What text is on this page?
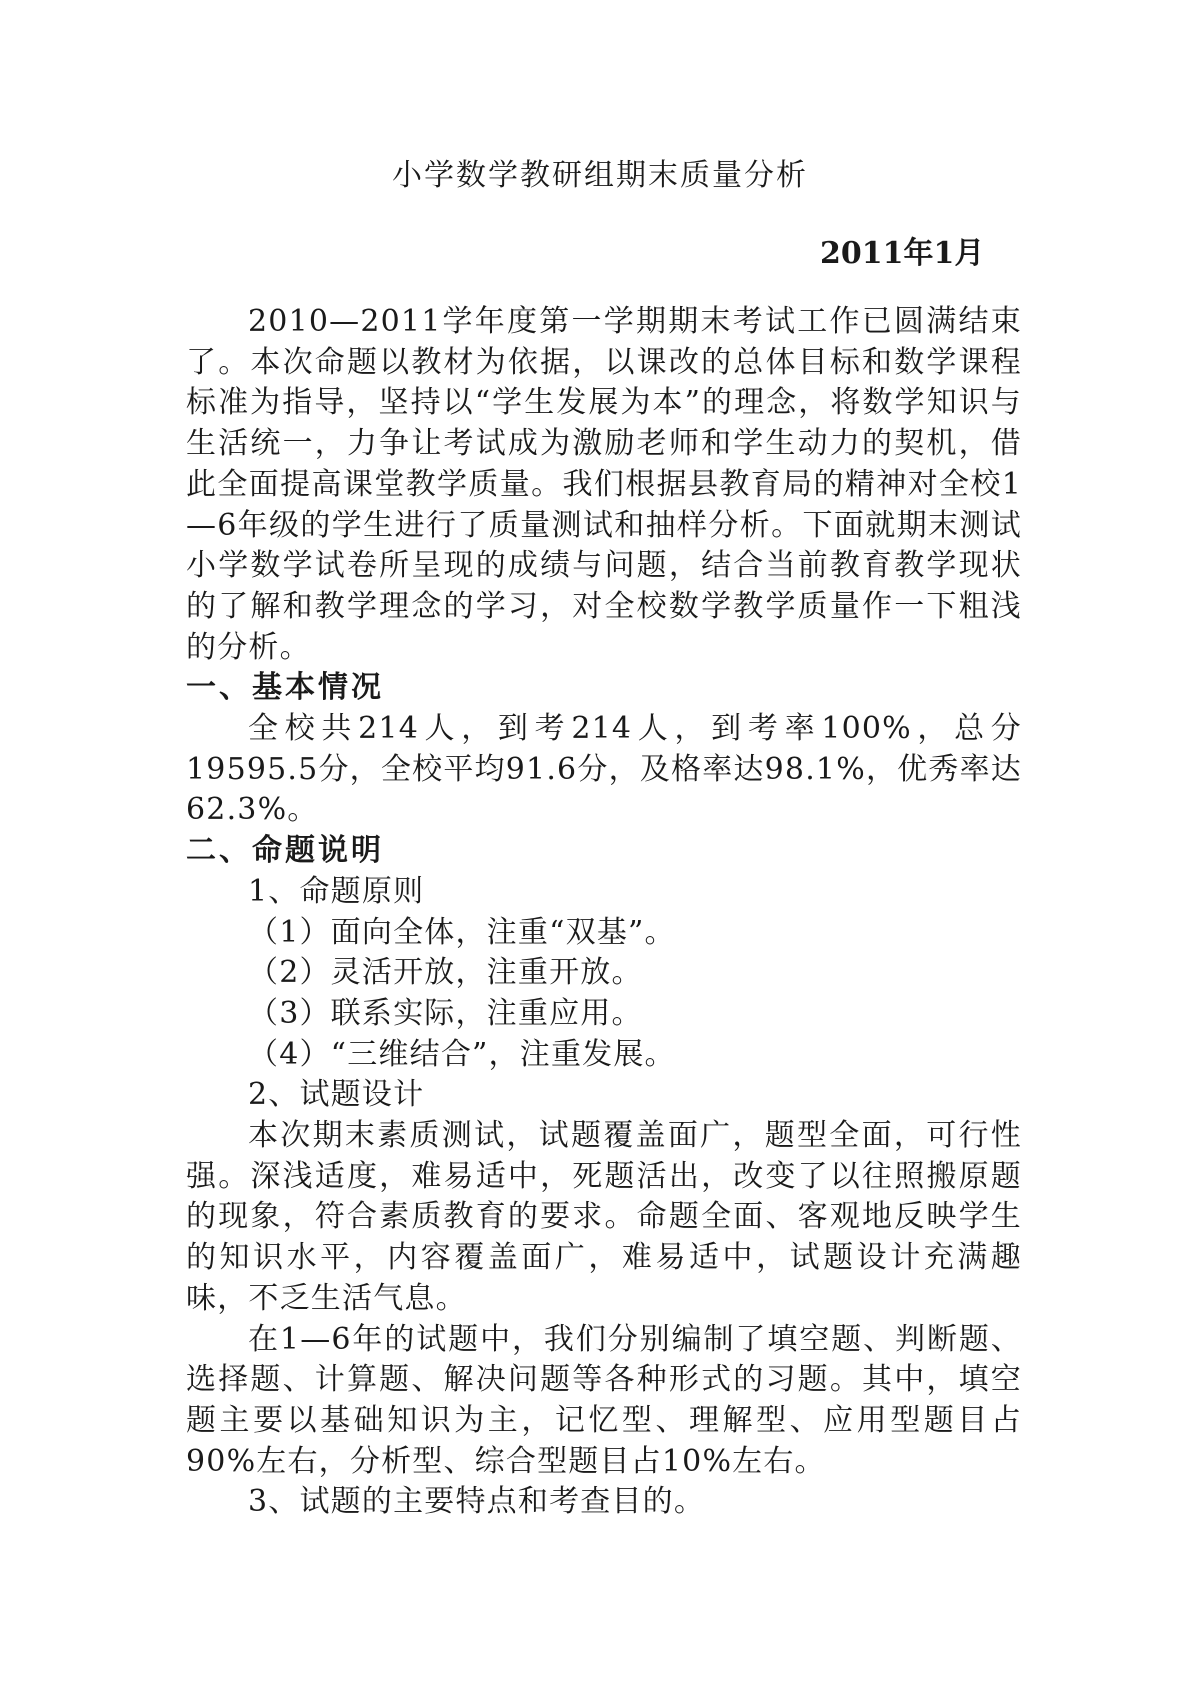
小学数学教研组期末质量分析
2011年1月

2010—2011学年度第一学期期末考试工作已圆满结束了。本次命题以教材为依据，以课改的总体目标和数学课程标准为指导，坚持以“学生发展为本”的理念，将数学知识与生活统一，力争让考试成为激励老师和学生动力的契机，借此全面提高课堂教学质量。我们根据县教育局的精神对全校1—6年级的学生进行了质量测试和抽样分析。下面就期末测试小学数学试卷所呈现的成绩与问题，结合当前教育教学现状的了解和教学理念的学习，对全校数学教学质量作一下粗浅的分析。

一、基本情况

全校共214人，到考214人，到考率100%，总分19595.5分，全校平均91.6分，及格率达98.1%，优秀率达62.3%。

二、命题说明

1、命题原则

（1）面向全体，注重“双基”。

（2）灵活开放，注重开放。

（3）联系实际，注重应用。

（4）“三维结合”，注重发展。

2、试题设计

本次期末素质测试，试题覆盖面广，题型全面，可行性强。深浅适度，难易适中，死题活出，改变了以往照搬原题的现象，符合素质教育的要求。命题全面、客观地反映学生的知识水平，内容覆盖面广，难易适中，试题设计充满趣味，不乏生活气息。

在1—6年的试题中，我们分别编制了填空题、判断题、选择题、计算题、解决问题等各种形式的习题。其中，填空题主要以基础知识为主，记忆型、理解型、应用型题目占90%左右，分析型、综合型题目占10%左右。

3、试题的主要特点和考查目的。
